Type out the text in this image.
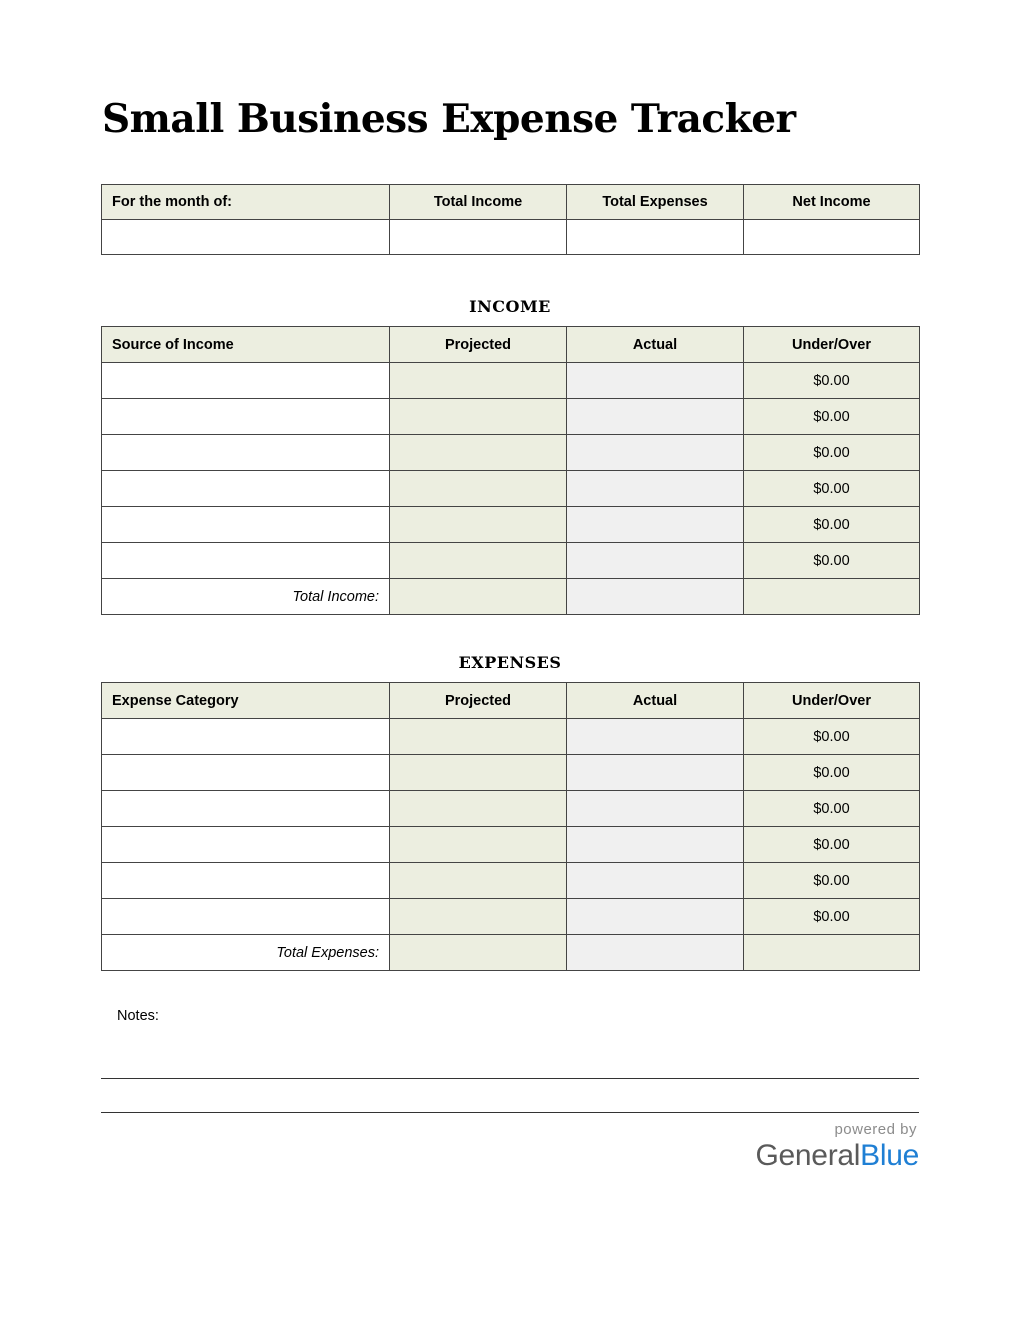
Small Business Expense Tracker
For the month of:	Total Income	Total Expenses	Net Income

INCOME
Source of Income	Projected	Actual	Under/Over
			$0.00
			$0.00
			$0.00
			$0.00
			$0.00
			$0.00
Total Income:			
EXPENSES
Expense Category	Projected	Actual	Under/Over
			$0.00
			$0.00
			$0.00
			$0.00
			$0.00
			$0.00
Total Expenses:			
Notes:
powered by
GeneralBlue
